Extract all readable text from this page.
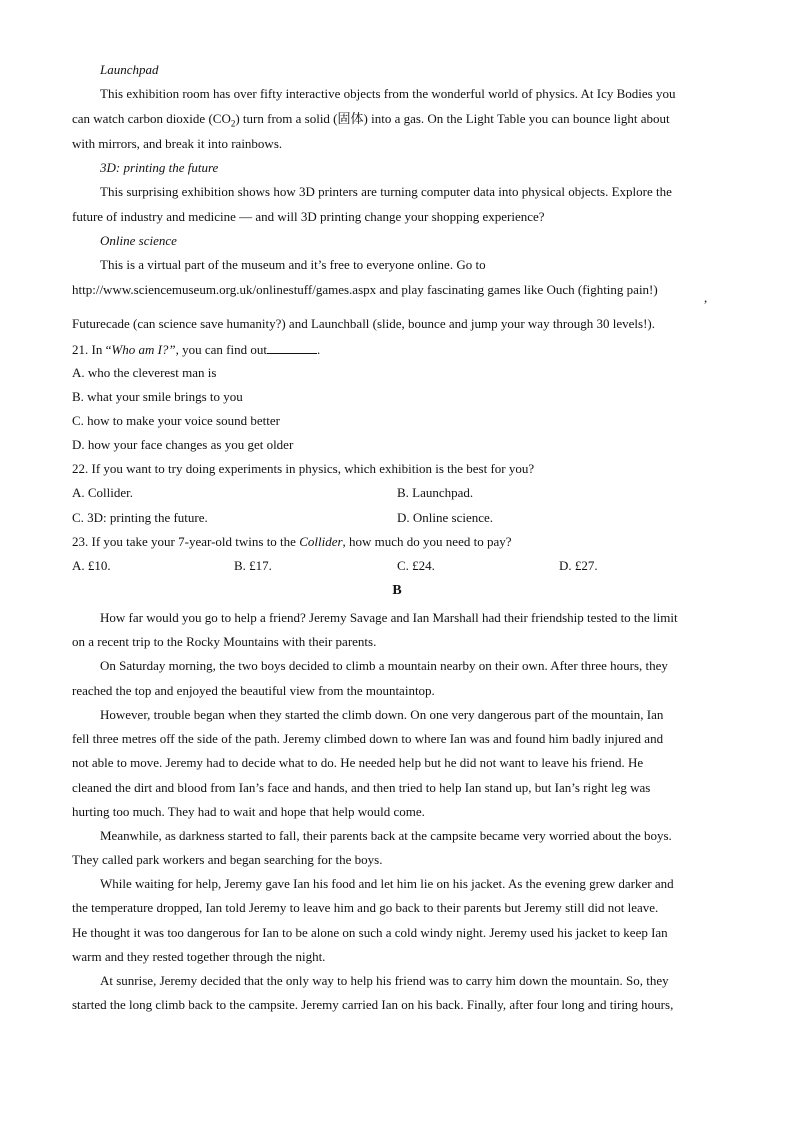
Launchpad
This exhibition room has over fifty interactive objects from the wonderful world of physics. At Icy Bodies you
can watch carbon dioxide $(CO_2)$ turn from a solid (固体) into a gas. On the Light Table you can bounce light about
with mirrors, and break it into rainbows.
3D: printing the future
This surprising exhibition shows how 3D printers are turning computer data into physical objects. Explore the
future of industry and medicine — and will 3D printing change your shopping experience?
Online science
This is a virtual part of the museum and it’s free to everyone online. Go to
http://www.sciencemuseum.org.uk/onlinestuff/games.aspx and play fascinating games like Ouch (fighting pain!)
,
Futurecade (can science save humanity?) and Launchball (slide, bounce and jump your way through 30 levels!).
21. In “Who am I?”, you can find out	.
A. who the cleverest man is
B. what your smile brings to you
C. how to make your voice sound better
D. how your face changes as you get older
22. If you want to try doing experiments in physics, which exhibition is the best for you?
A. Collider.	B. Launchpad.
C. 3D: printing the future.	D. Online science.
23. If you take your 7-year-old twins to the Collider, how much do you need to pay?
A. £10.	B. £17.	C. £24.	D. £27.
B
How far would you go to help a friend? Jeremy Savage and Ian Marshall had their friendship tested to the limit
on a recent trip to the Rocky Mountains with their parents.
On Saturday morning, the two boys decided to climb a mountain nearby on their own. After three hours, they
reached the top and enjoyed the beautiful view from the mountaintop.
However, trouble began when they started the climb down. On one very dangerous part of the mountain, Ian
fell three metres off the side of the path. Jeremy climbed down to where Ian was and found him badly injured and
not able to move. Jeremy had to decide what to do. He needed help but he did not want to leave his friend. He
cleaned the dirt and blood from Ian’s face and hands, and then tried to help Ian stand up, but Ian’s right leg was
hurting too much. They had to wait and hope that help would come.
Meanwhile, as darkness started to fall, their parents back at the campsite became very worried about the boys.
They called park workers and began searching for the boys.
While waiting for help, Jeremy gave Ian his food and let him lie on his jacket. As the evening grew darker and
the temperature dropped, Ian told Jeremy to leave him and go back to their parents but Jeremy still did not leave.
He thought it was too dangerous for Ian to be alone on such a cold windy night. Jeremy used his jacket to keep Ian
warm and they rested together through the night.
At sunrise, Jeremy decided that the only way to help his friend was to carry him down the mountain. So, they
started the long climb back to the campsite. Jeremy carried Ian on his back. Finally, after four long and tiring hours,
